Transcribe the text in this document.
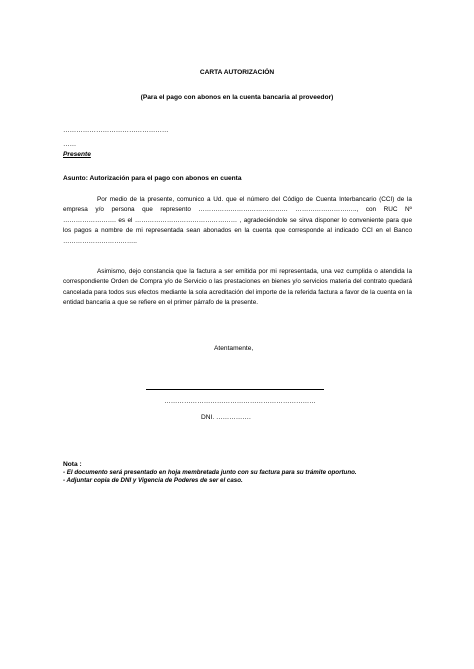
CARTA AUTORIZACIÓN
(Para el pago con abonos en la cuenta bancaria al proveedor)
…………………………………………
……
Presente
Asunto: Autorización para el pago con abonos en cuenta
Por medio de la presente, comunico a Ud. que el número del Código de Cuenta Interbancario (CCI) de la empresa y/o persona que represento …………………………………… ……………………….., con RUC Nº ……………………. es el ………………………………………… , agradeciéndole se sirva disponer lo conveniente para que los pagos a nombre de mi representada sean abonados en la cuenta que corresponde al indicado CCI en el Banco ……………………………..
Asimismo, dejo constancia que la factura a ser emitida por mi representada, una vez cumplida o atendida la correspondiente Orden de Compra y/o de Servicio o las prestaciones en bienes y/o servicios materia del contrato quedará cancelada para todos sus efectos mediante la sola acreditación del importe de la referida factura a favor de la cuenta en la entidad bancaria a que se refiere en el primer párrafo de la presente.
Atentamente,
……………………………………………………………
DNI. …………….
Nota :
- El documento será presentado en hoja membretada junto con su factura para su trámite oportuno.
- Adjuntar copia de DNI y Vigencia de Poderes de ser el caso.
